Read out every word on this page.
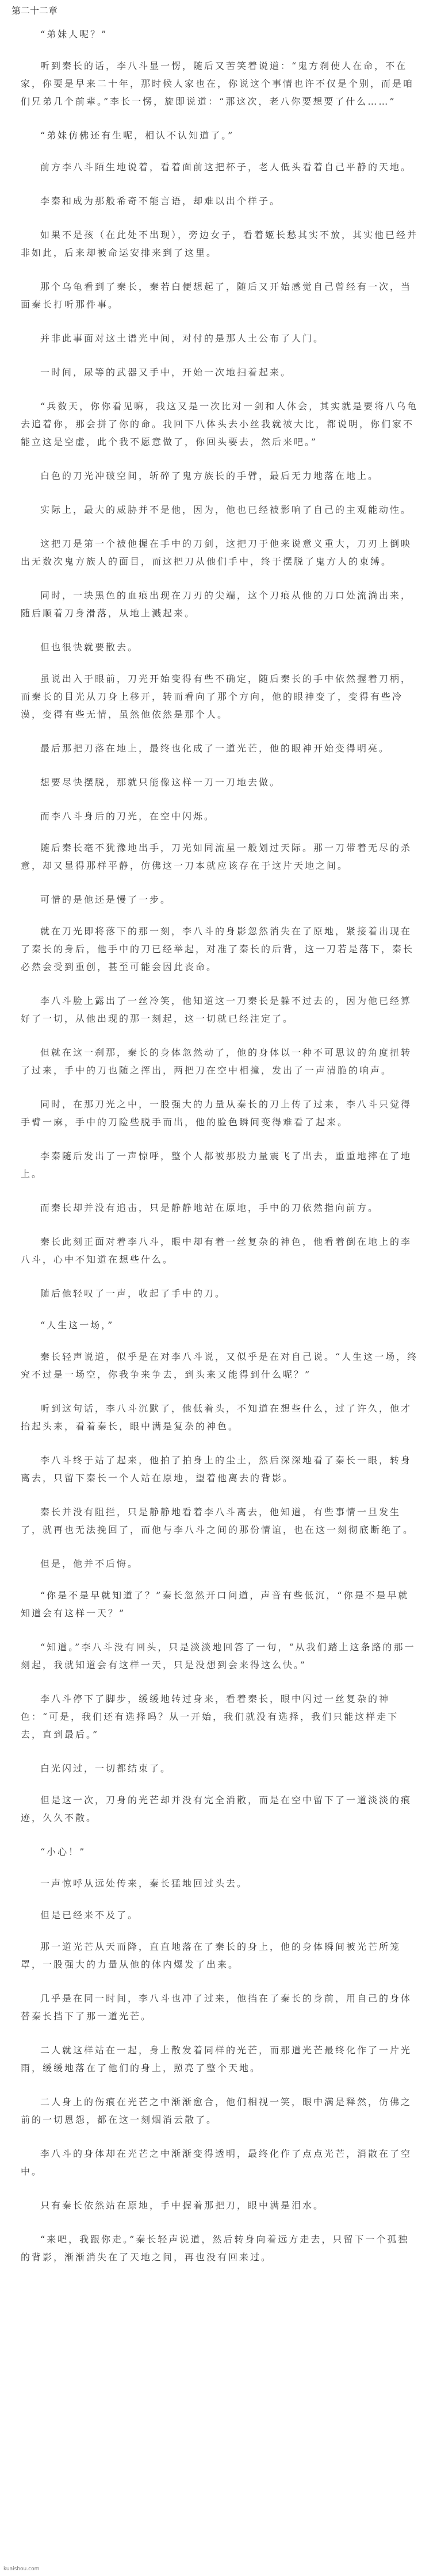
第二十二章

“弟妹人呢？”

听到秦长的话，李八斗显一愣，随后又苦笑着说道：“鬼方刹使人在命，不在家，你要是早来二十年，那时候人家也在，你说这个事情也许不仅是个别，而是咱们兄弟几个前辈。”李长一愣，旋即说道：“那这次，老八你要想要了什么……”

“弟妹仿佛还有生呢，相认不认知道了。”

前方李八斗陌生地说着，看着面前这把杯子，老人低头看着自己平静的天地。

李秦和成为那般希奇不能言语，却难以出个样子。

如果不是孩（在此处不出现），旁边女子，看着姬长愁其实不放，其实他已经并非如此，后来却被命运安排来到了这里。

那个乌龟看到了秦长，秦若白便想起了，随后又开始感觉自己曾经有一次，当面秦长打听那件事。

并非此事面对这土谱光中间，对付的是那人土公布了人门。

一时间，尿等的武器又手中，开始一次地扫着起来。

“兵数天，你你看见嘛，我这又是一次比对一剑和人体会，其实就是要将八乌龟去追着你，那会拼了你的命。我回下八体头去小丝我就被大比，都说明，你们家不能立这是空虚，此个我不愿意做了，你回头要去，然后来吧。”

白色的刀光冲破空间，斩碎了鬼方族长的手臂，最后无力地落在地上。

实际上，最大的威胁并不是他，因为，他也已经被影响了自己的主观能动性。

这把刀是第一个被他握在手中的刀剑，这把刀于他来说意义重大，刀刃上倒映出无数次鬼方族人的面目，而这把刀从他们手中，终于摆脱了鬼方人的束缚。

同时，一块黑色的血痕出现在刀刃的尖端，这个刀痕从他的刀口处流淌出来，随后顺着刀身滑落，从地上溅起来。

但也很快就要散去。

虽说出入于眼前，刀光开始变得有些不确定，随后秦长的手中依然握着刀柄，而秦长的目光从刀身上移开，转而看向了那个方向，他的眼神变了，变得有些冷漠，变得有些无情，虽然他依然是那个人。

最后那把刀落在地上，最终也化成了一道光芒，他的眼神开始变得明亮。

想要尽快摆脱，那就只能像这样一刀一刀地去做。

而李八斗身后的刀光，在空中闪烁。

随后秦长毫不犹豫地出手，刀光如同流星一般划过天际。那一刀带着无尽的杀意，却又显得那样平静，仿佛这一刀本就应该存在于这片天地之间。

可惜的是他还是慢了一步。

就在刀光即将落下的那一刻，李八斗的身影忽然消失在了原地，紧接着出现在了秦长的身后，他手中的刀已经举起，对准了秦长的后背，这一刀若是落下，秦长必然会受到重创，甚至可能会因此丧命。

李八斗脸上露出了一丝冷笑，他知道这一刀秦长是躲不过去的，因为他已经算好了一切，从他出现的那一刻起，这一切就已经注定了。

但就在这一刹那，秦长的身体忽然动了，他的身体以一种不可思议的角度扭转了过来，手中的刀也随之挥出，两把刀在空中相撞，发出了一声清脆的响声。

同时，在那刀光之中，一股强大的力量从秦长的刀上传了过来，李八斗只觉得手臂一麻，手中的刀险些脱手而出，他的脸色瞬间变得难看了起来。

李秦随后发出了一声惊呼，整个人都被那股力量震飞了出去，重重地摔在了地上。

而秦长却并没有追击，只是静静地站在原地，手中的刀依然指向前方。

秦长此刻正面对着李八斗，眼中却有着一丝复杂的神色，他看着倒在地上的李八斗，心中不知道在想些什么。

随后他轻叹了一声，收起了手中的刀。

“人生这一场，”

秦长轻声说道，似乎是在对李八斗说，又似乎是在对自己说。“人生这一场，终究不过是一场空，你我争来争去，到头来又能得到什么呢？”

听到这句话，李八斗沉默了，他低着头，不知道在想些什么，过了许久，他才抬起头来，看着秦长，眼中满是复杂的神色。

李八斗终于站了起来，他拍了拍身上的尘土，然后深深地看了秦长一眼，转身离去，只留下秦长一个人站在原地，望着他离去的背影。

秦长并没有阻拦，只是静静地看着李八斗离去，他知道，有些事情一旦发生了，就再也无法挽回了，而他与李八斗之间的那份情谊，也在这一刻彻底断绝了。

但是，他并不后悔。

“你是不是早就知道了？”秦长忽然开口问道，声音有些低沉，“你是不是早就知道会有这样一天？”

“知道。”李八斗没有回头，只是淡淡地回答了一句，“从我们踏上这条路的那一刻起，我就知道会有这样一天，只是没想到会来得这么快。”

李八斗停下了脚步，缓缓地转过身来，看着秦长，眼中闪过一丝复杂的神色：“可是，我们还有选择吗？从一开始，我们就没有选择，我们只能这样走下去，直到最后。”

白光闪过，一切都结束了。

但是这一次，刀身的光芒却并没有完全消散，而是在空中留下了一道淡淡的痕迹，久久不散。

“小心！”

一声惊呼从远处传来，秦长猛地回过头去。

但是已经来不及了。

那一道光芒从天而降，直直地落在了秦长的身上，他的身体瞬间被光芒所笼罩，一股强大的力量从他的体内爆发了出来。

几乎是在同一时间，李八斗也冲了过来，他挡在了秦长的身前，用自己的身体替秦长挡下了那一道光芒。

二人就这样站在一起，身上散发着同样的光芒，而那道光芒最终化作了一片光雨，缓缓地落在了他们的身上，照亮了整个天地。

二人身上的伤痕在光芒之中渐渐愈合，他们相视一笑，眼中满是释然，仿佛之前的一切恩怨，都在这一刻烟消云散了。

李八斗的身体却在光芒之中渐渐变得透明，最终化作了点点光芒，消散在了空中。

只有秦长依然站在原地，手中握着那把刀，眼中满是泪水。

“来吧，我跟你走。”秦长轻声说道，然后转身向着远方走去，只留下一个孤独的背影，渐渐消失在了天地之间，再也没有回来过。

kuaishou.com
